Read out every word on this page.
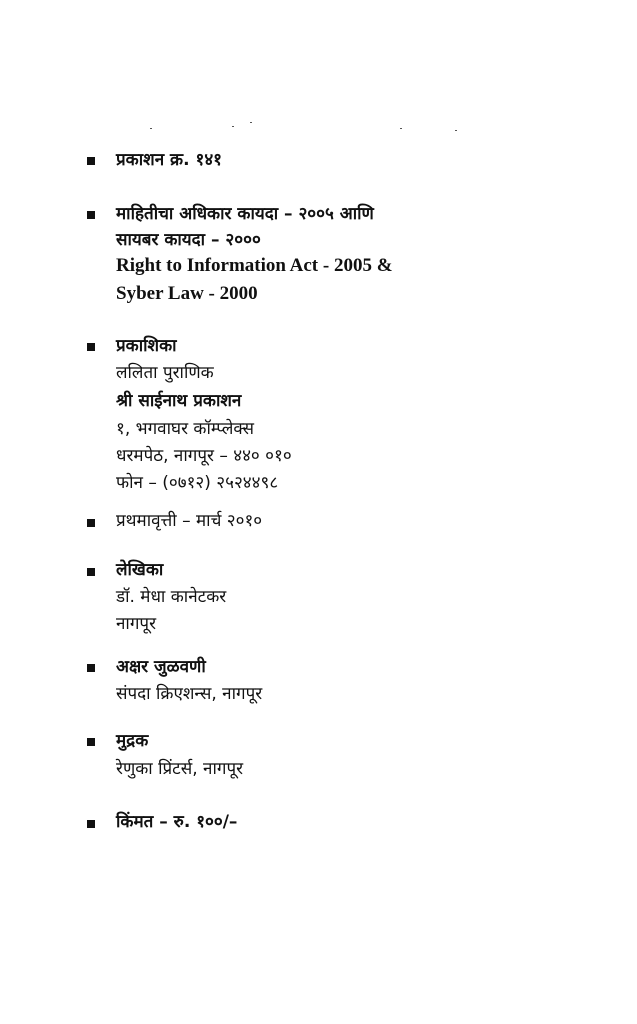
प्रकाशन क्र. १४१
माहितीचा अधिकार कायदा – २००५ आणि
सायबर कायदा – २०००
Right to Information Act - 2005 &
Syber Law - 2000
प्रकाशिका
ललिता पुराणिक
श्री साईनाथ प्रकाशन
१, भगवाघर कॉम्प्लेक्स
धरमपेठ, नागपूर – ४४० ०१०
फोन – (०७१२) २५२४४९८
प्रथमावृत्ती – मार्च २०१०
लेखिका
डॉ. मेधा कानेटकर
नागपूर
अक्षर जुळवणी
संपदा क्रिएशन्स, नागपूर
मुद्रक
रेणुका प्रिंटर्स, नागपूर
किंमत – रु. १००/–
